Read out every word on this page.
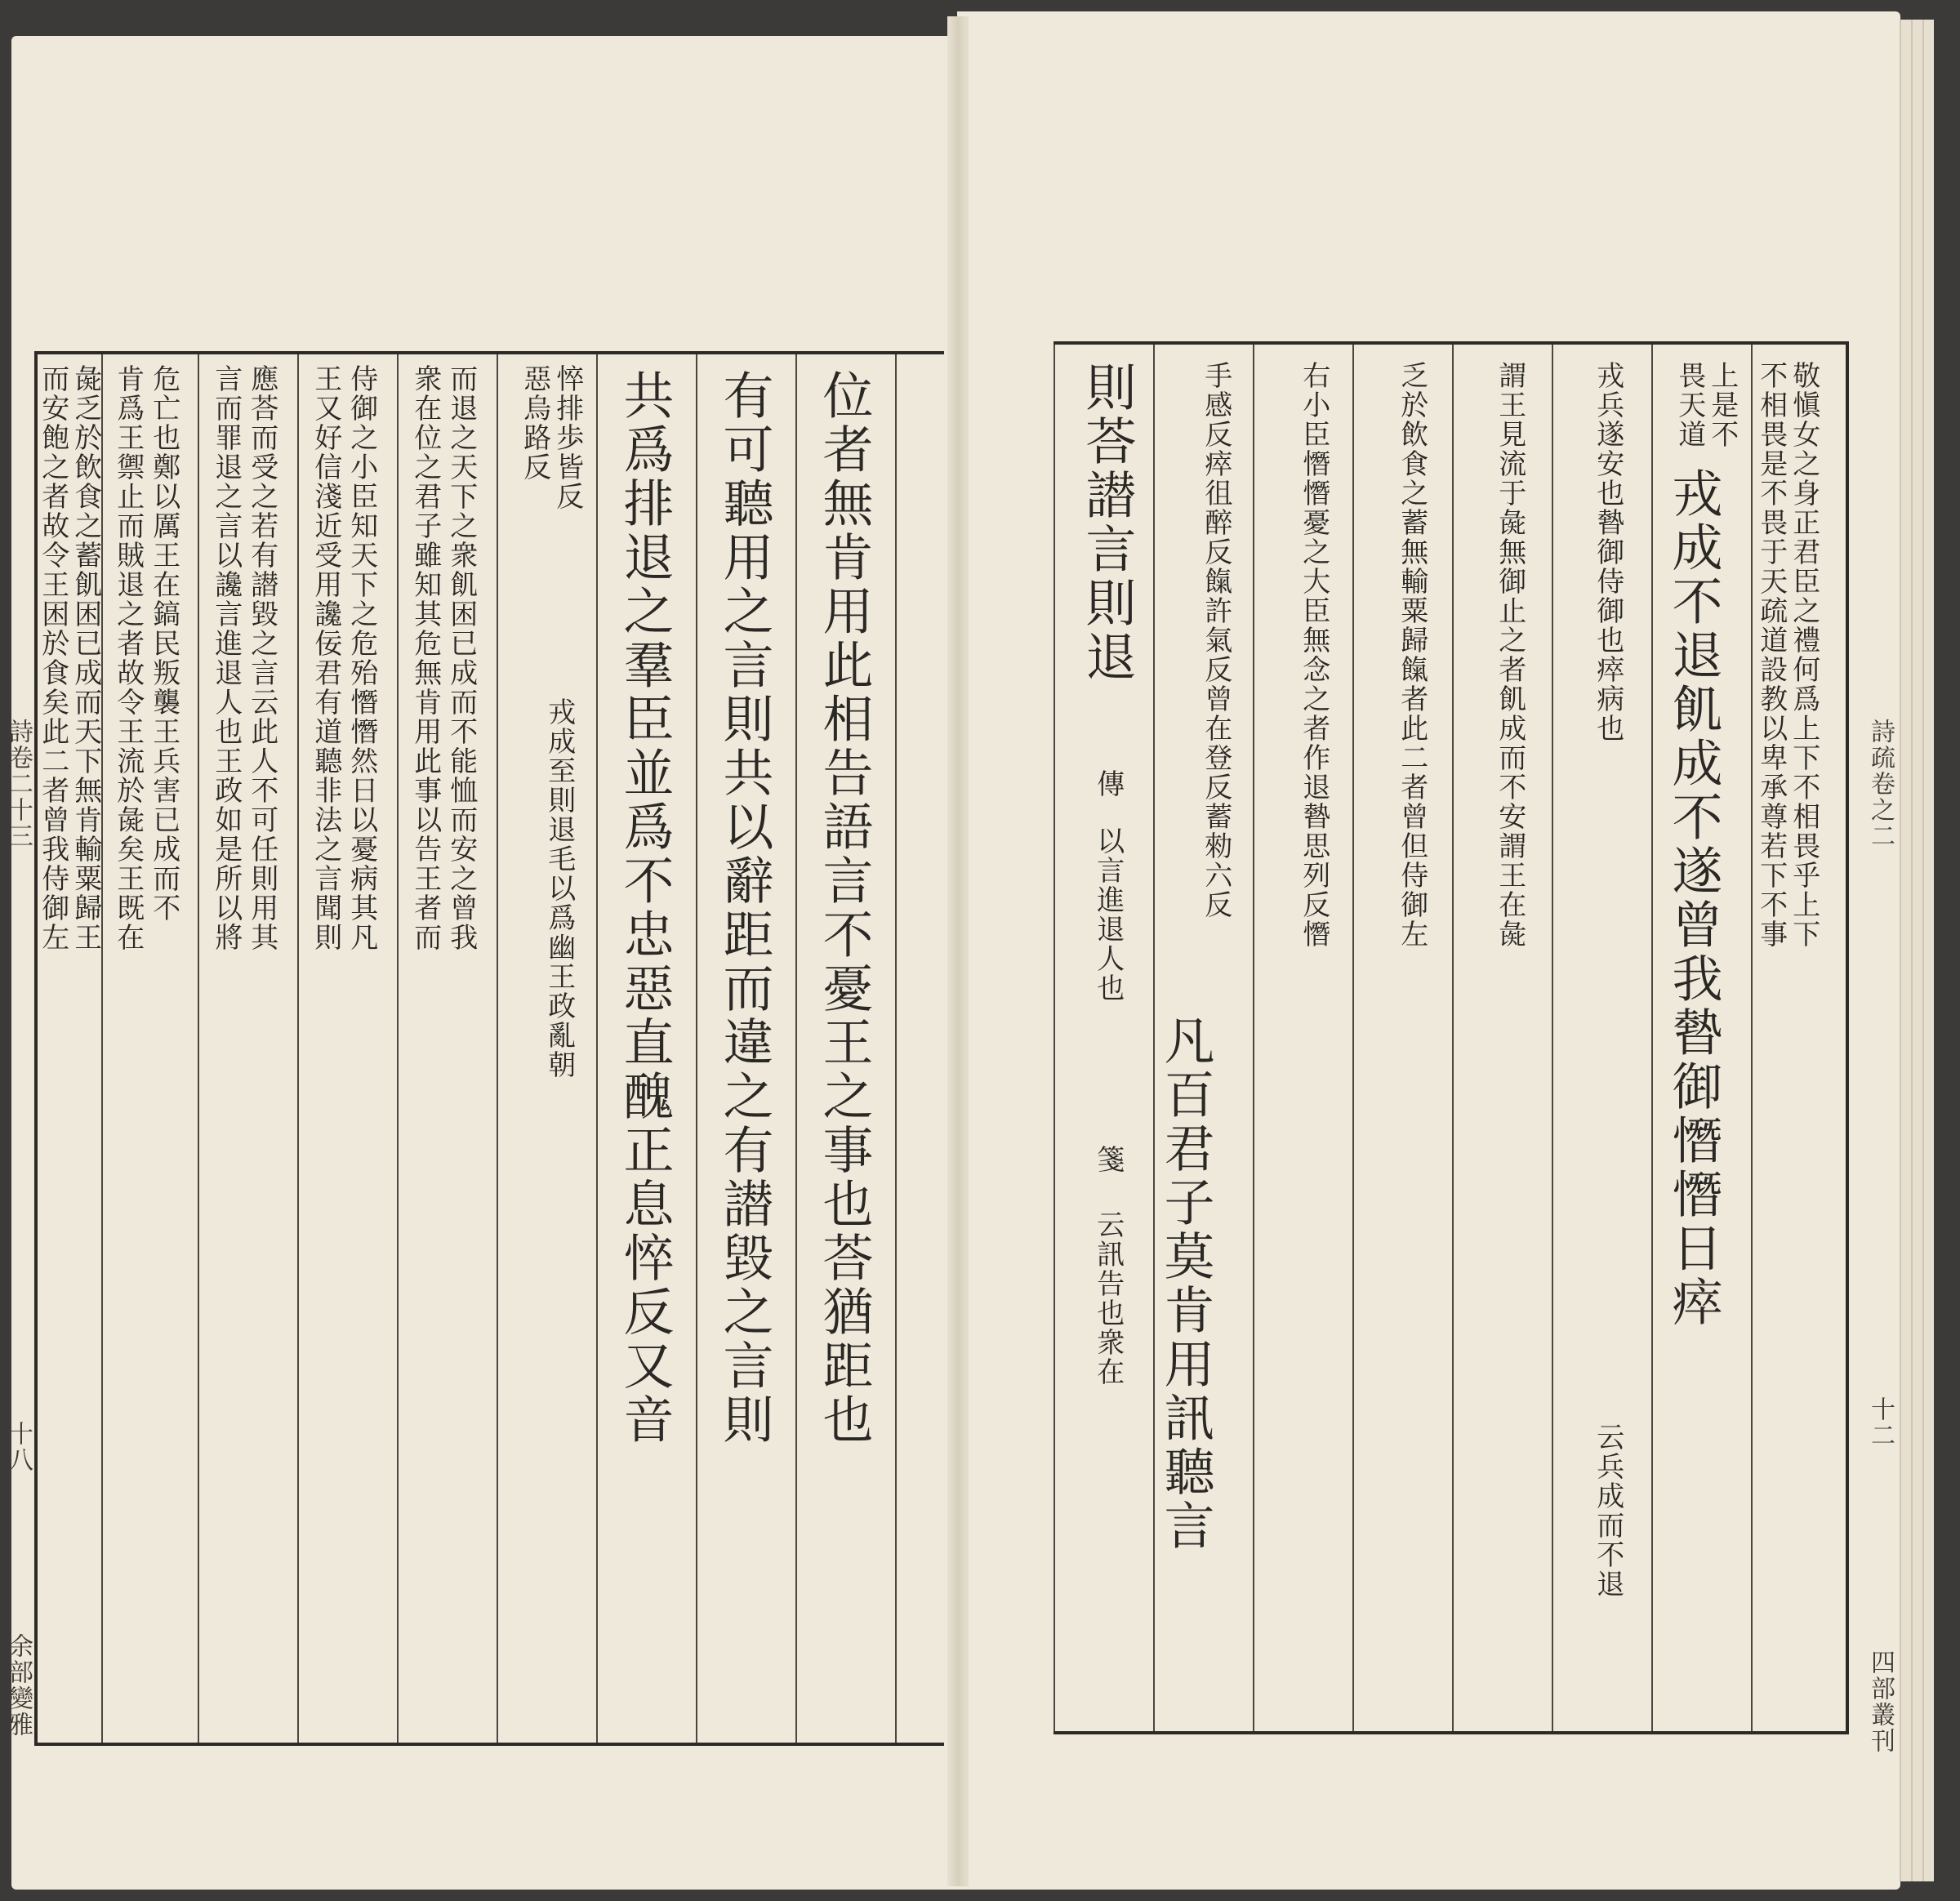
位者無肯用此相告語言不憂王之事也荅猶距也
有可聽用之言則共以辭距而違之有譛毀之言則
共爲排退之羣臣並爲不忠惡直醜正息悴反又音
悴排歩皆反
惡烏路反
戎成至則退毛以爲幽王政亂朝
而退之天下之衆飢困已成而不能恤而安之曾我
衆在位之君子雖知其危無肯用此事以告王者而
侍御之小臣知天下之危殆憯憯然日以憂病其凡
王又好信淺近受用讒佞君有道聽非法之言聞則
應荅而受之若有譛毀之言云此人不可任則用其
言而罪退之言以讒言進退人也王政如是所以將
危亡也鄭以厲王在鎬民叛襲王兵害已成而不
肯爲王禦止而賊退之者故令王流於彘矣王既在
彘乏於飲食之蓄飢困已成而天下無肯輸粟歸王
而安飽之者故令王困於食矣此二者曾我侍御左
詩卷二十三
十八
余部變雅
敬愼女之身正君臣之禮何爲上下不相畏乎上下
不相畏是不畏于天疏道設教以卑承尊若下不事
上是不
畏天道
戎成不退飢成不遂曾我暬御憯憯日瘁
戎兵遂安也暬御侍御也瘁病也
云兵成而不退
謂王見流于彘無御止之者飢成而不安謂王在彘
乏於飲食之蓄無輸粟歸餼者此二者曾但侍御左
右小臣憯憯憂之大臣無念之者作退暬思列反憯
手感反瘁徂醉反餼許氣反曾在登反蓄勑六反
凡百君子莫肯用訊聽言
則荅譛言則退
傳
以言進退人也
箋
云訊告也衆在
詩疏卷之二
十二
四部叢刊
